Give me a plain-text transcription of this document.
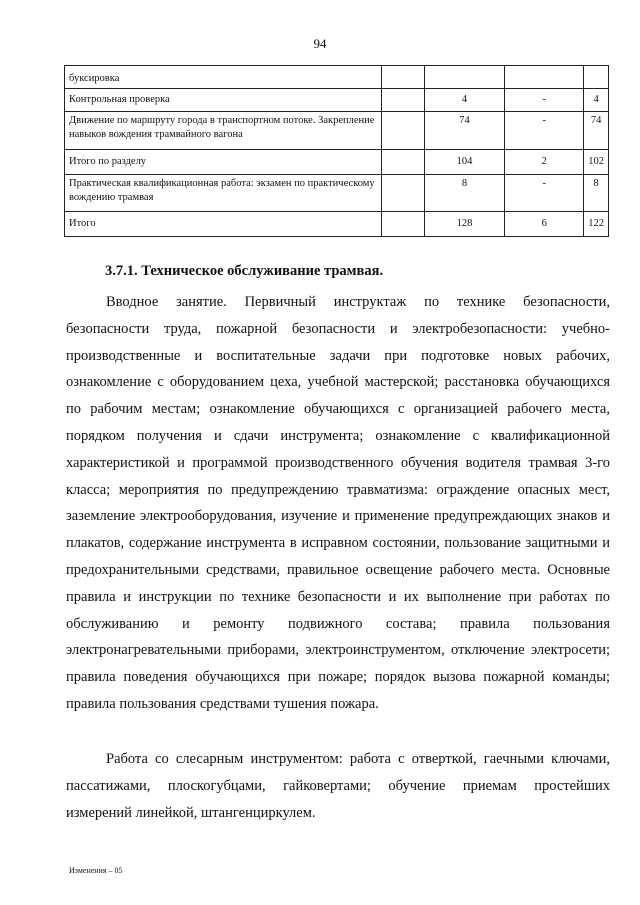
94
буксировка				
Контрольная проверка		4	-	4
Движение по маршруту города в транспортном потоке. Закрепление навыков вождения трамвайного вагона		74	-	74
Итого по разделу		104	2	102
Практическая квалификационная работа: экзамен по практическому вождению трамвая		8	-	8
Итого		128	6	122
3.7.1. Техническое обслуживание трамвая.

Вводное занятие. Первичный инструктаж по технике безопасности, безопасности труда, пожарной безопасности и электробезопасности: учебно-производственные и воспитательные задачи при подготовке новых рабочих, ознакомление с оборудованием цеха, учебной мастерской; расстановка обучающихся по рабочим местам; ознакомление обучающихся с организацией рабочего места, порядком получения и сдачи инструмента; ознакомление с квалификационной характеристикой и программой производственного обучения водителя трамвая 3-го класса; мероприятия по предупреждению травматизма: ограждение опасных мест, заземление электрооборудования, изучение и применение предупреждающих знаков и плакатов, содержание инструмента в исправном состоянии, пользование защитными и предохранительными средствами, правильное освещение рабочего места. Основные правила и инструкции по технике безопасности и их выполнение при работах по обслуживанию и ремонту подвижного состава; правила пользования электронагревательными приборами, электроинструментом, отключение электросети; правила поведения обучающихся при пожаре; порядок вызова пожарной команды; правила пользования средствами тушения пожара.

Работа со слесарным инструментом: работа с отверткой, гаечными ключами, пассатижами, плоскогубцами, гайковертами; обучение приемам простейших измерений линейкой, штангенциркулем.

Изменения – 05
